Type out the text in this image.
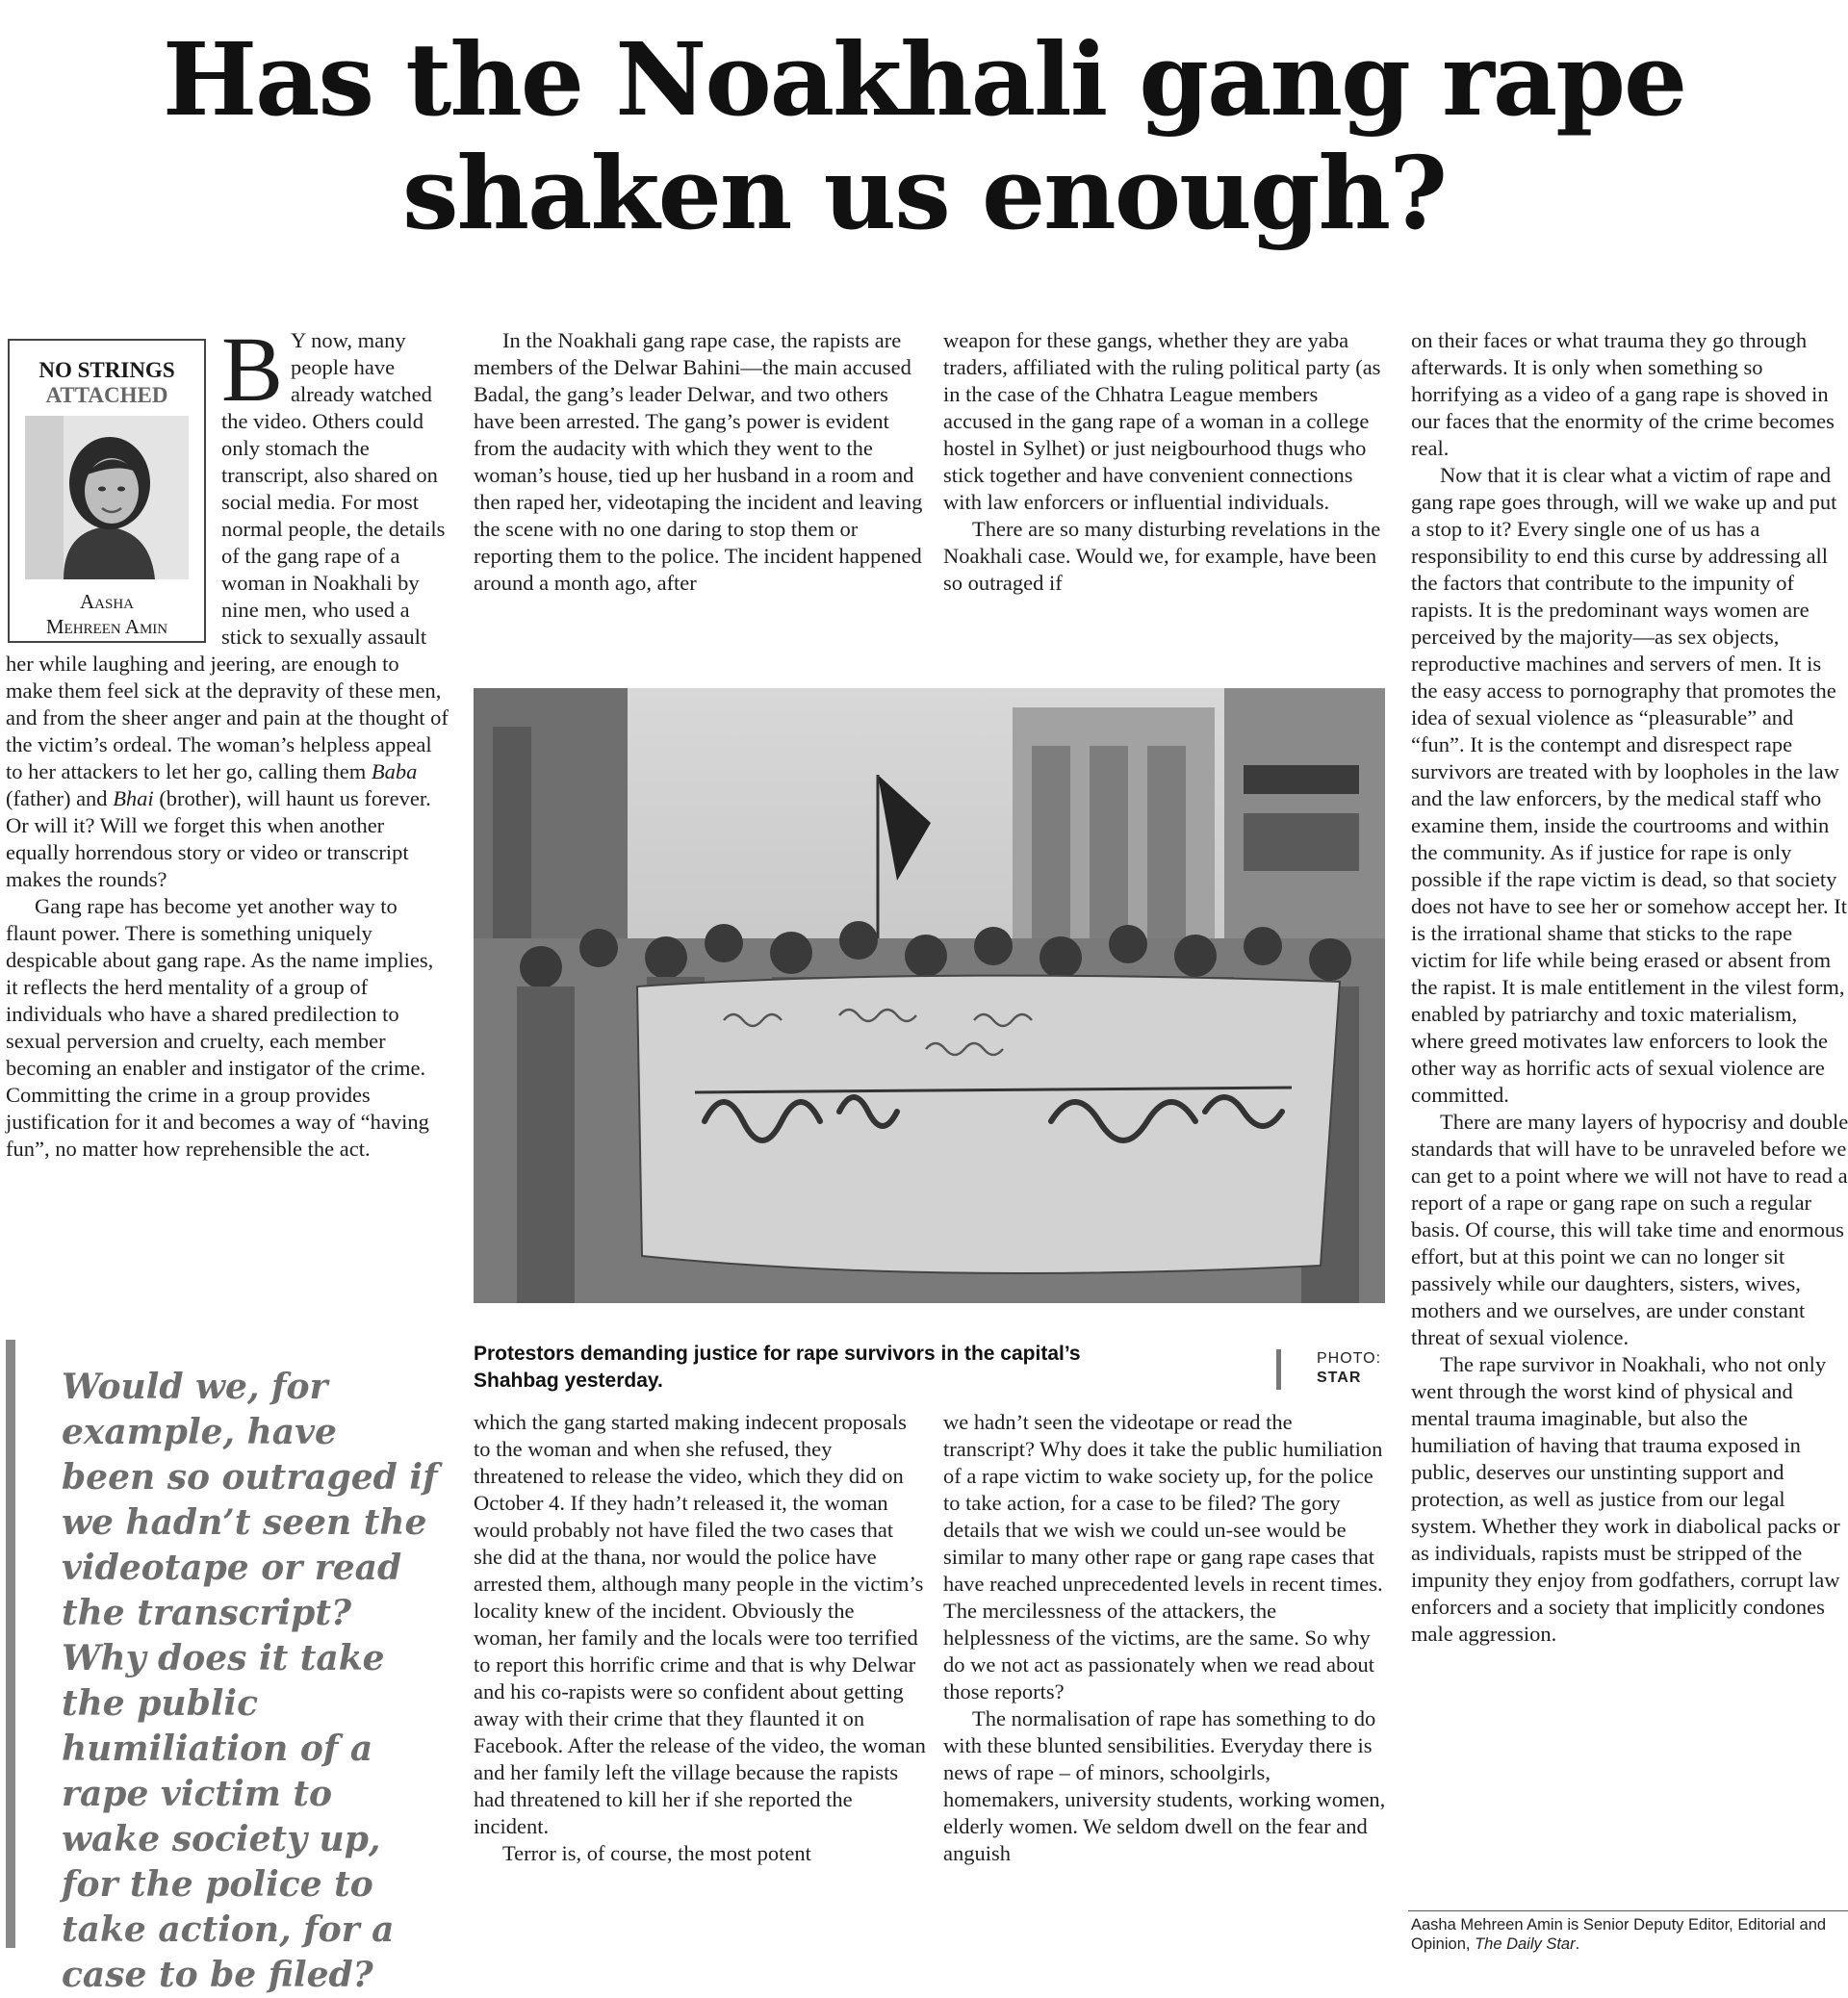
Has the Noakhali gang rape
shaken us enough?

B Y now, many people have already watched the video. Others could only stomach the transcript, also shared on social media. For most normal people, the details of the gang rape of a woman in Noakhali by nine men, who used a stick to sexually assault her while laughing and jeering, are enough to make them feel sick at the depravity of these men, and from the sheer anger and pain at the thought of the victim’s ordeal. The woman’s helpless appeal to her attackers to let her go, calling them Baba (father) and Bhai (brother), will haunt us forever. Or will it? Will we forget this when another equally horrendous story or video or transcript makes the rounds?

Gang rape has become yet another way to flaunt power. There is something uniquely despicable about gang rape. As the name implies, it reflects the herd mentality of a group of individuals who have a shared predilection to sexual perversion and cruelty, each member becoming an enabler and instigator of the crime. Committing the crime in a group provides justification for it and becomes a way of “having fun”, no matter how reprehensible the act.

NO STRINGS
ATTACHED
Aasha
Mehreen Amin

In the Noakhali gang rape case, the rapists are members of the Delwar Bahini—the main accused Badal, the gang’s leader Delwar, and two others have been arrested. The gang’s power is evident from the audacity with which they went to the woman’s house, tied up her husband in a room and then raped her, videotaping the incident and leaving the scene with no one daring to stop them or reporting them to the police. The incident happened around a month ago, after

weapon for these gangs, whether they are yaba traders, affiliated with the ruling political party (as in the case of the Chhatra League members accused in the gang rape of a woman in a college hostel in Sylhet) or just neigbourhood thugs who stick together and have convenient connections with law enforcers or influential individuals.

There are so many disturbing revelations in the Noakhali case. Would we, for example, have been so outraged if

Protestors demanding justice for rape survivors in the capital’s Shahbag yesterday.
PHOTO:
STAR

Would we, for example, have been so outraged if we hadn’t seen the videotape or read the transcript? Why does it take the public humiliation of a rape victim to wake society up, for the police to take action, for a case to be filed?

which the gang started making indecent proposals to the woman and when she refused, they threatened to release the video, which they did on October 4. If they hadn’t released it, the woman would probably not have filed the two cases that she did at the thana, nor would the police have arrested them, although many people in the victim’s locality knew of the incident. Obviously the woman, her family and the locals were too terrified to report this horrific crime and that is why Delwar and his co-rapists were so confident about getting away with their crime that they flaunted it on Facebook. After the release of the video, the woman and her family left the village because the rapists had threatened to kill her if she reported the incident.

Terror is, of course, the most potent

we hadn’t seen the videotape or read the transcript? Why does it take the public humiliation of a rape victim to wake society up, for the police to take action, for a case to be filed? The gory details that we wish we could un-see would be similar to many other rape or gang rape cases that have reached unprecedented levels in recent times. The mercilessness of the attackers, the helplessness of the victims, are the same. So why do we not act as passionately when we read about those reports?

The normalisation of rape has something to do with these blunted sensibilities. Everyday there is news of rape – of minors, schoolgirls, homemakers, university students, working women, elderly women. We seldom dwell on the fear and anguish

on their faces or what trauma they go through afterwards. It is only when something so horrifying as a video of a gang rape is shoved in our faces that the enormity of the crime becomes real.

Now that it is clear what a victim of rape and gang rape goes through, will we wake up and put a stop to it? Every single one of us has a responsibility to end this curse by addressing all the factors that contribute to the impunity of rapists. It is the predominant ways women are perceived by the majority—as sex objects, reproductive machines and servers of men. It is the easy access to pornography that promotes the idea of sexual violence as “pleasurable” and “fun”. It is the contempt and disrespect rape survivors are treated with by loopholes in the law and the law enforcers, by the medical staff who examine them, inside the courtrooms and within the community. As if justice for rape is only possible if the rape victim is dead, so that society does not have to see her or somehow accept her. It is the irrational shame that sticks to the rape victim for life while being erased or absent from the rapist. It is male entitlement in the vilest form, enabled by patriarchy and toxic materialism, where greed motivates law enforcers to look the other way as horrific acts of sexual violence are committed.

There are many layers of hypocrisy and double standards that will have to be unraveled before we can get to a point where we will not have to read a report of a rape or gang rape on such a regular basis. Of course, this will take time and enormous effort, but at this point we can no longer sit passively while our daughters, sisters, wives, mothers and we ourselves, are under constant threat of sexual violence.

The rape survivor in Noakhali, who not only went through the worst kind of physical and mental trauma imaginable, but also the humiliation of having that trauma exposed in public, deserves our unstinting support and protection, as well as justice from our legal system. Whether they work in diabolical packs or as individuals, rapists must be stripped of the impunity they enjoy from godfathers, corrupt law enforcers and a society that implicitly condones male aggression.

Aasha Mehreen Amin is Senior Deputy Editor, Editorial and Opinion, The Daily Star.
